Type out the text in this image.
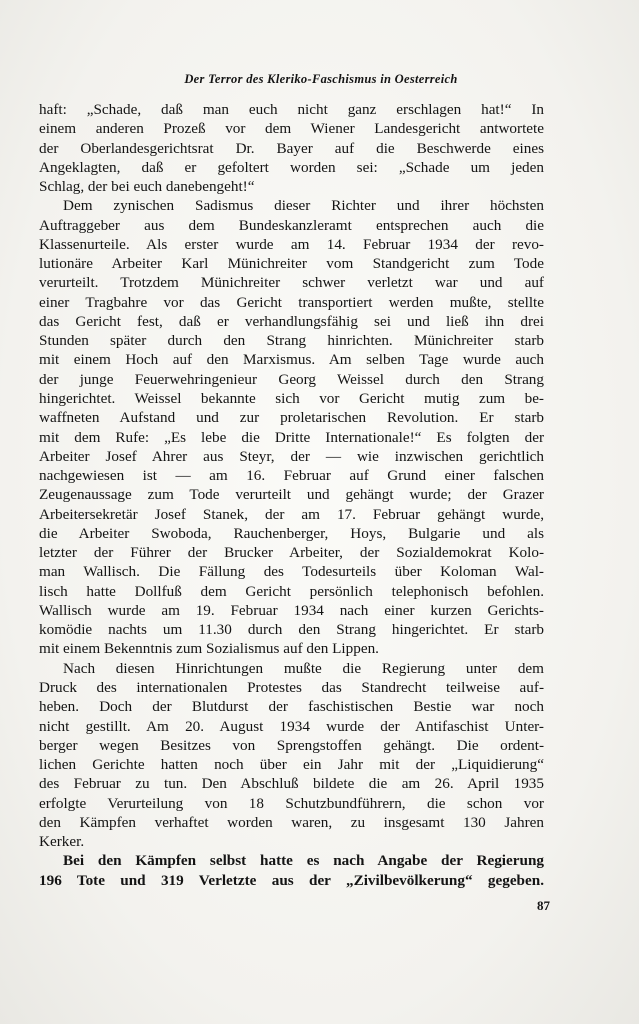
Der Terror des Kleriko-Faschismus in Oesterreich
haft: „Schade, daß man euch nicht ganz erschlagen hat!“ In
einem anderen Prozeß vor dem Wiener Landesgericht antwortete
der Oberlandesgerichtsrat Dr. Bayer auf die Beschwerde eines
Angeklagten, daß er gefoltert worden sei: „Schade um jeden
Schlag, der bei euch danebengeht!“
Dem zynischen Sadismus dieser Richter und ihrer höchsten
Auftraggeber aus dem Bundeskanzleramt entsprechen auch die
Klassenurteile. Als erster wurde am 14. Februar 1934 der revo-
lutionäre Arbeiter Karl Münichreiter vom Standgericht zum Tode
verurteilt. Trotzdem Münichreiter schwer verletzt war und auf
einer Tragbahre vor das Gericht transportiert werden mußte, stellte
das Gericht fest, daß er verhandlungsfähig sei und ließ ihn drei
Stunden später durch den Strang hinrichten. Münichreiter starb
mit einem Hoch auf den Marxismus. Am selben Tage wurde auch
der junge Feuerwehringenieur Georg Weissel durch den Strang
hingerichtet. Weissel bekannte sich vor Gericht mutig zum be-
waffneten Aufstand und zur proletarischen Revolution. Er starb
mit dem Rufe: „Es lebe die Dritte Internationale!“ Es folgten der
Arbeiter Josef Ahrer aus Steyr, der — wie inzwischen gerichtlich
nachgewiesen ist — am 16. Februar auf Grund einer falschen
Zeugenaussage zum Tode verurteilt und gehängt wurde; der Grazer
Arbeitersekretär Josef Stanek, der am 17. Februar gehängt wurde,
die Arbeiter Swoboda, Rauchenberger, Hoys, Bulgarie und als
letzter der Führer der Brucker Arbeiter, der Sozialdemokrat Kolo-
man Wallisch. Die Fällung des Todesurteils über Koloman Wal-
lisch hatte Dollfuß dem Gericht persönlich telephonisch befohlen.
Wallisch wurde am 19. Februar 1934 nach einer kurzen Gerichts-
komödie nachts um 11.30 durch den Strang hingerichtet. Er starb
mit einem Bekenntnis zum Sozialismus auf den Lippen.
Nach diesen Hinrichtungen mußte die Regierung unter dem
Druck des internationalen Protestes das Standrecht teilweise auf-
heben. Doch der Blutdurst der faschistischen Bestie war noch
nicht gestillt. Am 20. August 1934 wurde der Antifaschist Unter-
berger wegen Besitzes von Sprengstoffen gehängt. Die ordent-
lichen Gerichte hatten noch über ein Jahr mit der „Liquidierung“
des Februar zu tun. Den Abschluß bildete die am 26. April 1935
erfolgte Verurteilung von 18 Schutzbundführern, die schon vor
den Kämpfen verhaftet worden waren, zu insgesamt 130 Jahren
Kerker.
Bei den Kämpfen selbst hatte es nach Angabe der Regierung
196 Tote und 319 Verletzte aus der „Zivilbevölkerung“ gegeben.
87
